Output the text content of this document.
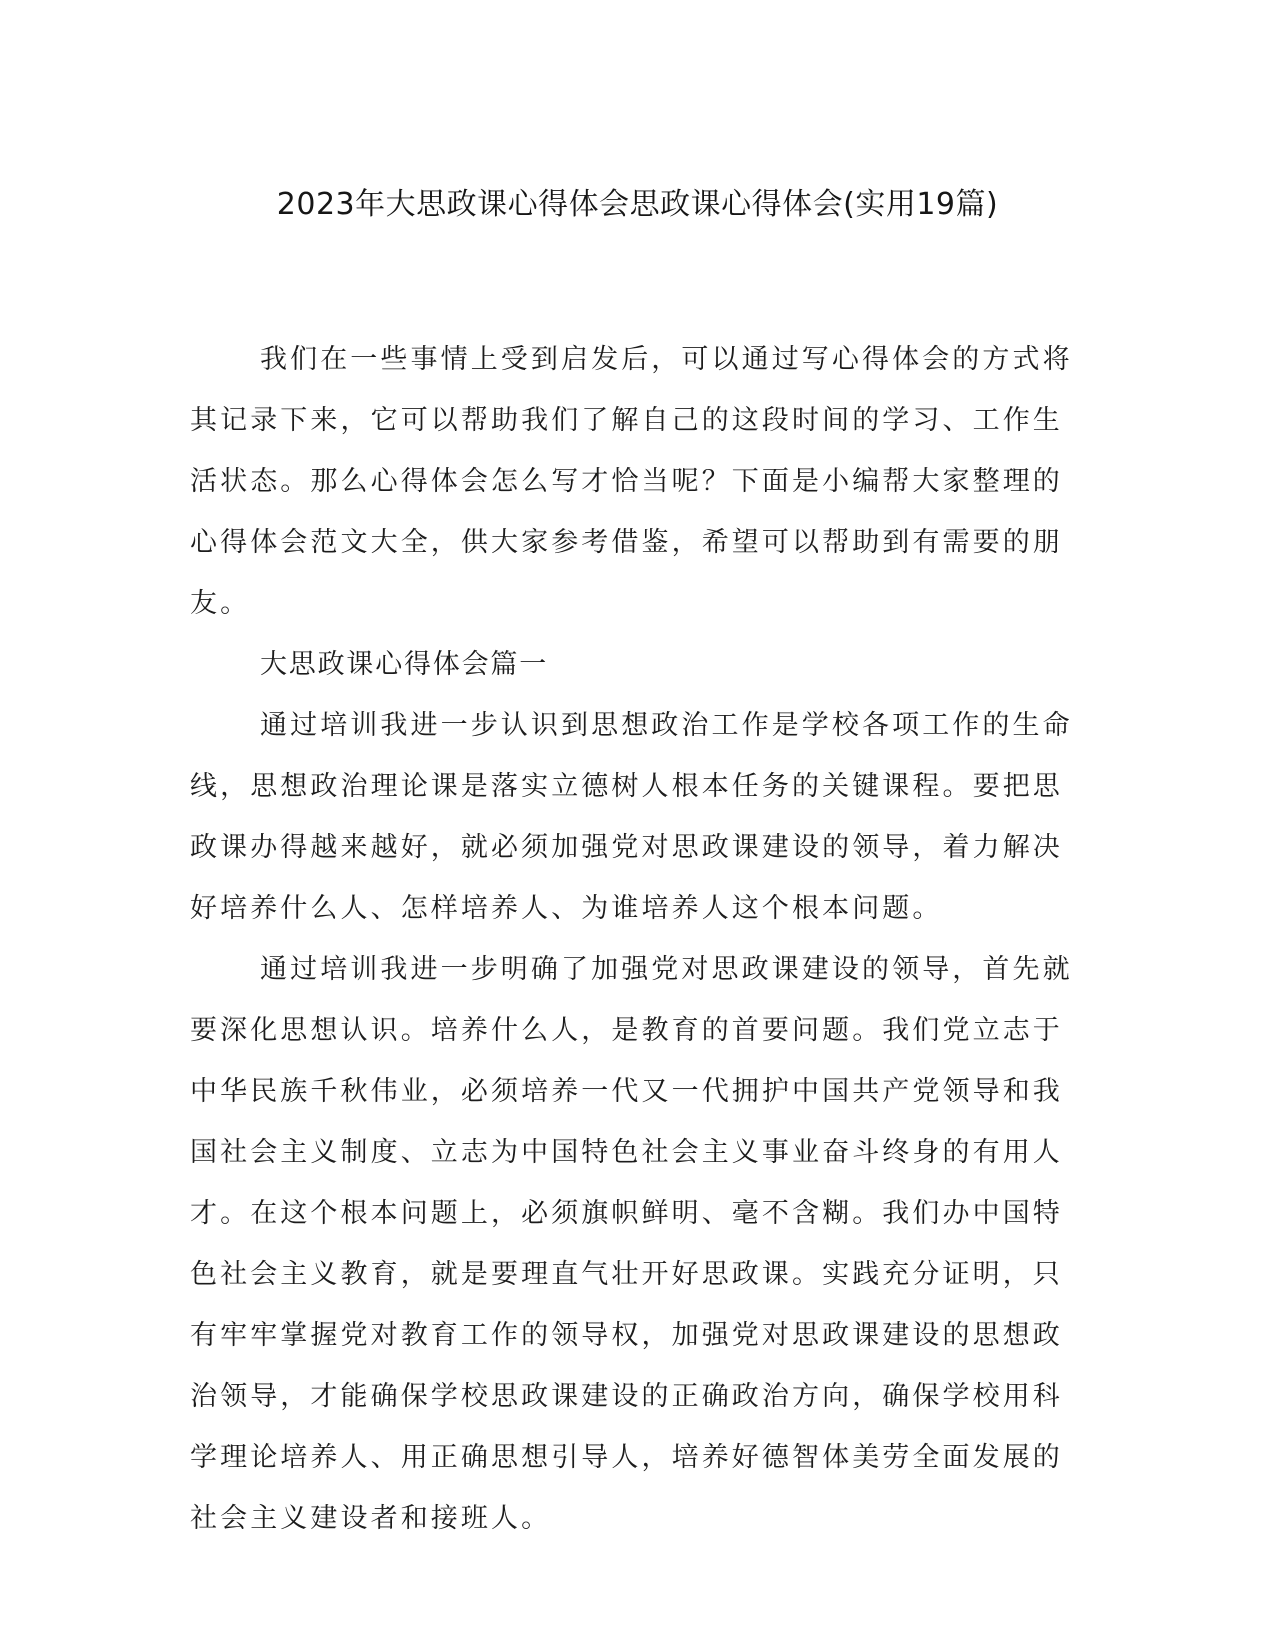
2023年大思政课心得体会思政课心得体会(实用19篇)

我们在一些事情上受到启发后，可以通过写心得体会的方式将其记录下来，它可以帮助我们了解自己的这段时间的学习、工作生活状态。那么心得体会怎么写才恰当呢？下面是小编帮大家整理的心得体会范文大全，供大家参考借鉴，希望可以帮助到有需要的朋友。

大思政课心得体会篇一

通过培训我进一步认识到思想政治工作是学校各项工作的生命线，思想政治理论课是落实立德树人根本任务的关键课程。要把思政课办得越来越好，就必须加强党对思政课建设的领导，着力解决好培养什么人、怎样培养人、为谁培养人这个根本问题。

通过培训我进一步明确了加强党对思政课建设的领导，首先就要深化思想认识。培养什么人，是教育的首要问题。我们党立志于中华民族千秋伟业，必须培养一代又一代拥护中国共产党领导和我国社会主义制度、立志为中国特色社会主义事业奋斗终身的有用人才。在这个根本问题上，必须旗帜鲜明、毫不含糊。我们办中国特色社会主义教育，就是要理直气壮开好思政课。实践充分证明，只有牢牢掌握党对教育工作的领导权，加强党对思政课建设的思想政治领导，才能确保学校思政课建设的正确政治方向，确保学校用科学理论培养人、用正确思想引导人，培养好德智体美劳全面发展的社会主义建设者和接班人。
